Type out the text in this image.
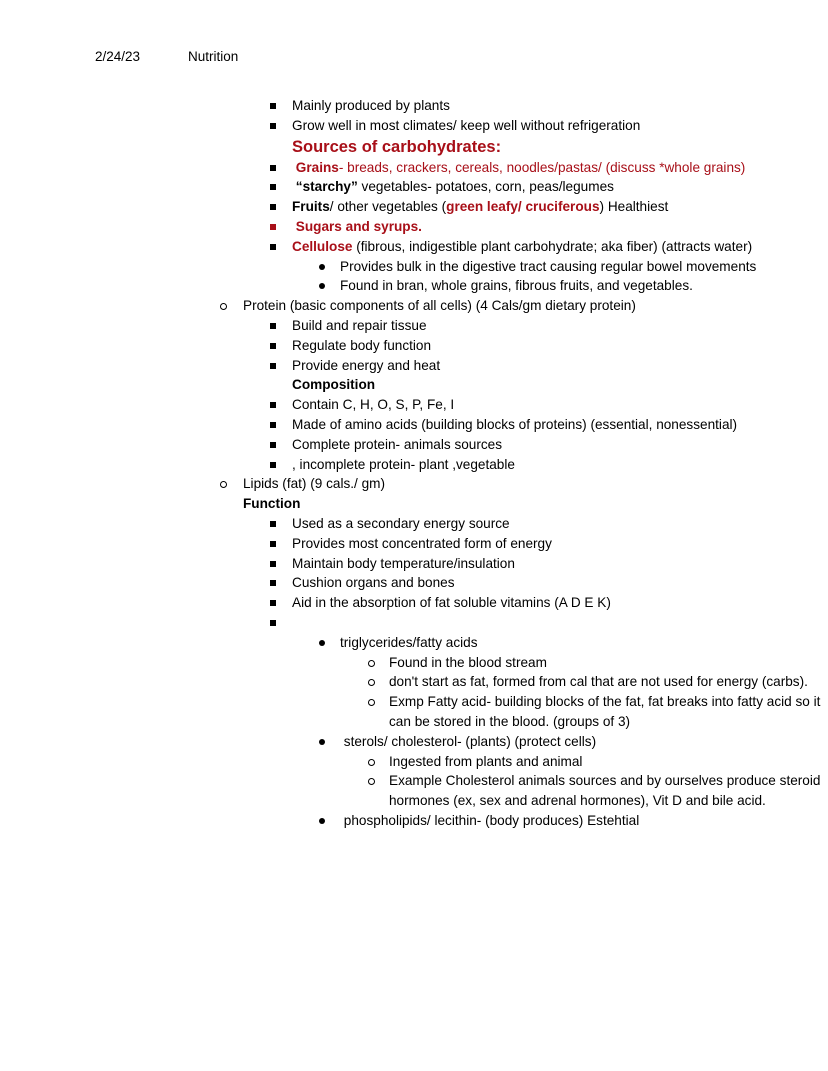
2/24/23	Nutrition
Mainly produced by plants
Grow well in most climates/ keep well without refrigeration
Sources of carbohydrates:
Grains- breads, crackers, cereals, noodles/pastas/ (discuss *whole grains)
“starchy” vegetables- potatoes, corn, peas/legumes
Fruits/ other vegetables (green leafy/ cruciferous) Healthiest
Sugars and syrups.
Cellulose (fibrous, indigestible plant carbohydrate; aka fiber) (attracts water)
Provides bulk in the digestive tract causing regular bowel movements
Found in bran, whole grains, fibrous fruits, and vegetables.
Protein (basic components of all cells) (4 Cals/gm dietary protein)
Build and repair tissue
Regulate body function
Provide energy and heat
Composition
Contain C, H, O, S, P, Fe, I
Made of amino acids (building blocks of proteins) (essential, nonessential)
Complete protein- animals sources
, incomplete protein- plant ,vegetable
Lipids (fat) (9 cals./ gm)
Function
Used as a secondary energy source
Provides most concentrated form of energy
Maintain body temperature/insulation
Cushion organs and bones
Aid in the absorption of fat soluble vitamins (A D E K)
triglycerides/fatty acids
Found in the blood stream
don't start as fat, formed from cal that are not used for energy (carbs).
Exmp Fatty acid- building blocks of the fat, fat breaks into fatty acid so it can be stored in the blood. (groups of 3)
sterols/ cholesterol- (plants) (protect cells)
Ingested from plants and animal
Example Cholesterol animals sources and by ourselves produce steroid hormones (ex, sex and adrenal hormones), Vit D and bile acid.
phospholipids/ lecithin- (body produces) Estehtial
